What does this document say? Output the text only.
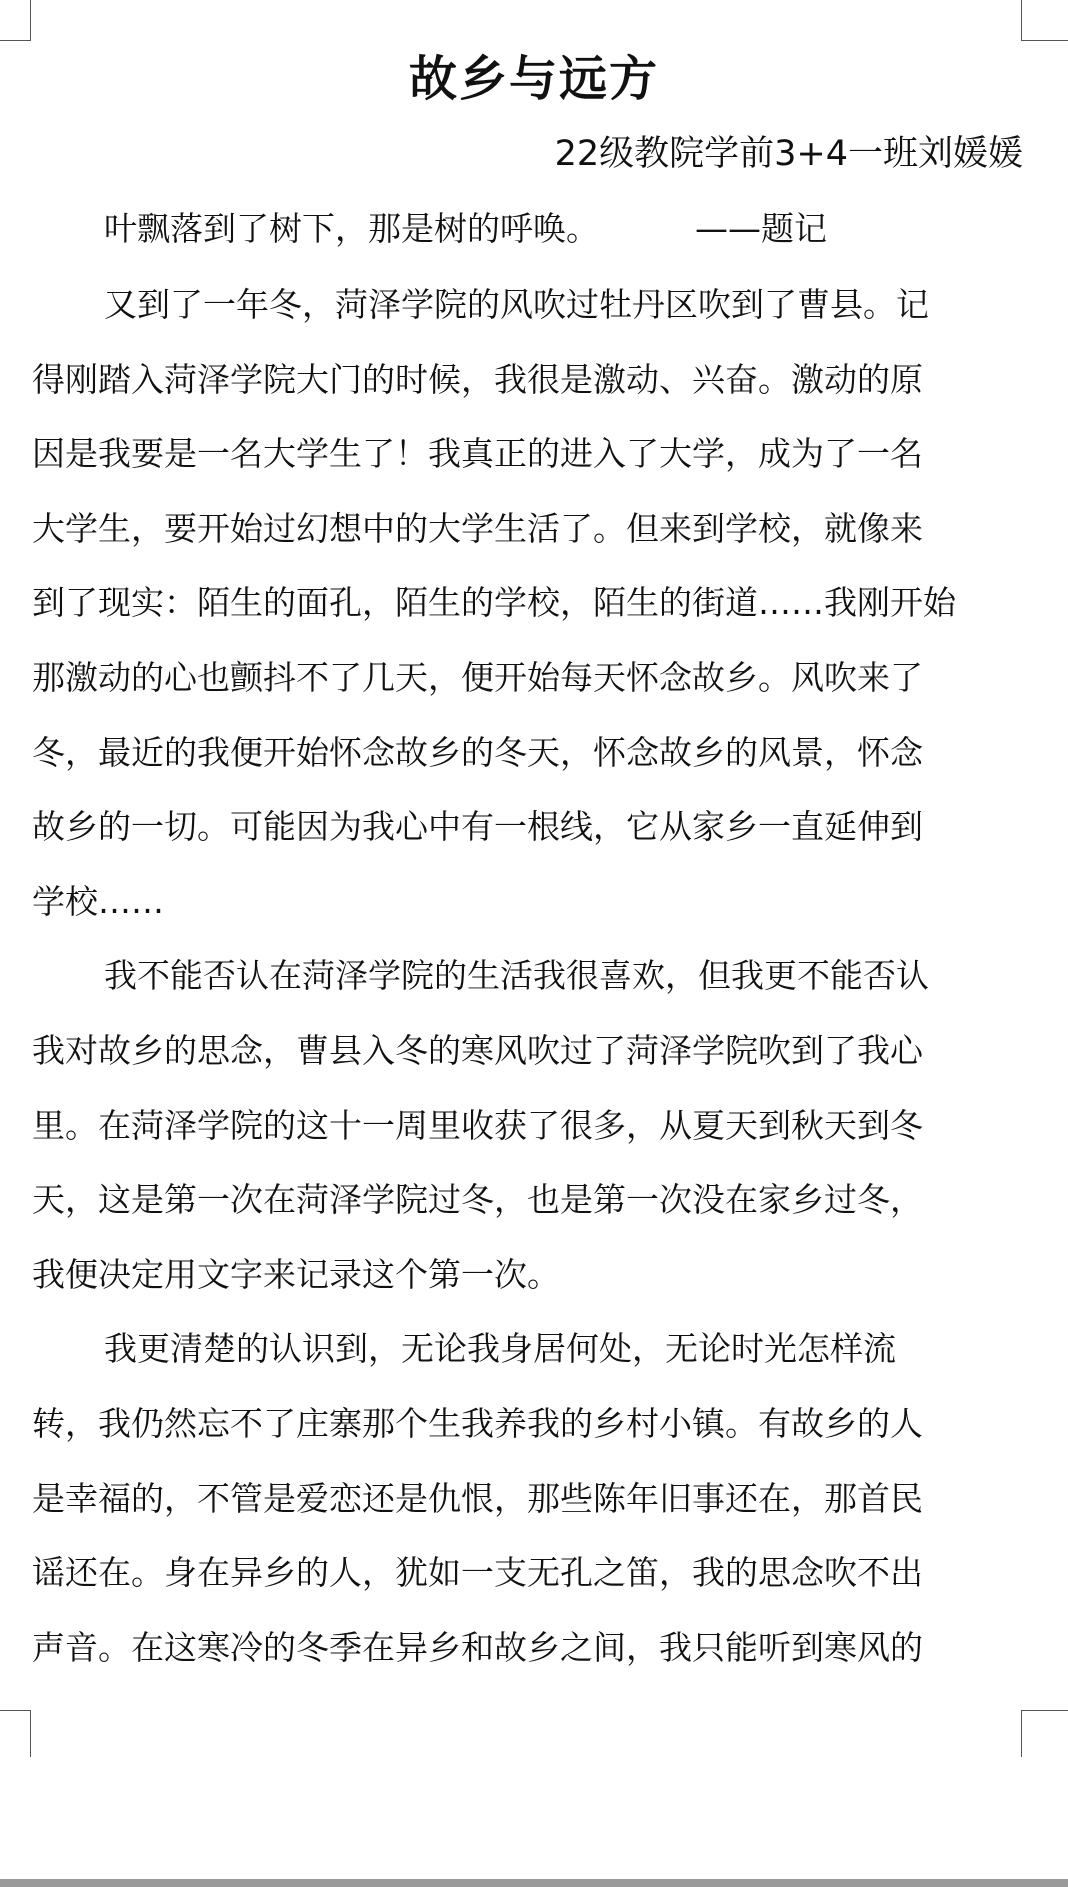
故乡与远方
22级教院学前3+4一班刘媛媛
叶飘落到了树下，那是树的呼唤。	——题记
又到了一年冬，菏泽学院的风吹过牡丹区吹到了曹县。记
得刚踏入菏泽学院大门的时候，我很是激动、兴奋。激动的原
因是我要是一名大学生了！我真正的进入了大学，成为了一名
大学生，要开始过幻想中的大学生活了。但来到学校，就像来
到了现实：陌生的面孔，陌生的学校，陌生的街道……我刚开始
那激动的心也颤抖不了几天，便开始每天怀念故乡。风吹来了
冬，最近的我便开始怀念故乡的冬天，怀念故乡的风景，怀念
故乡的一切。可能因为我心中有一根线，它从家乡一直延伸到
学校……
我不能否认在菏泽学院的生活我很喜欢，但我更不能否认
我对故乡的思念，曹县入冬的寒风吹过了菏泽学院吹到了我心
里。在菏泽学院的这十一周里收获了很多，从夏天到秋天到冬
天，这是第一次在菏泽学院过冬，也是第一次没在家乡过冬，
我便决定用文字来记录这个第一次。
我更清楚的认识到，无论我身居何处，无论时光怎样流
转，我仍然忘不了庄寨那个生我养我的乡村小镇。有故乡的人
是幸福的，不管是爱恋还是仇恨，那些陈年旧事还在，那首民
谣还在。身在异乡的人，犹如一支无孔之笛，我的思念吹不出
声音。在这寒冷的冬季在异乡和故乡之间，我只能听到寒风的
